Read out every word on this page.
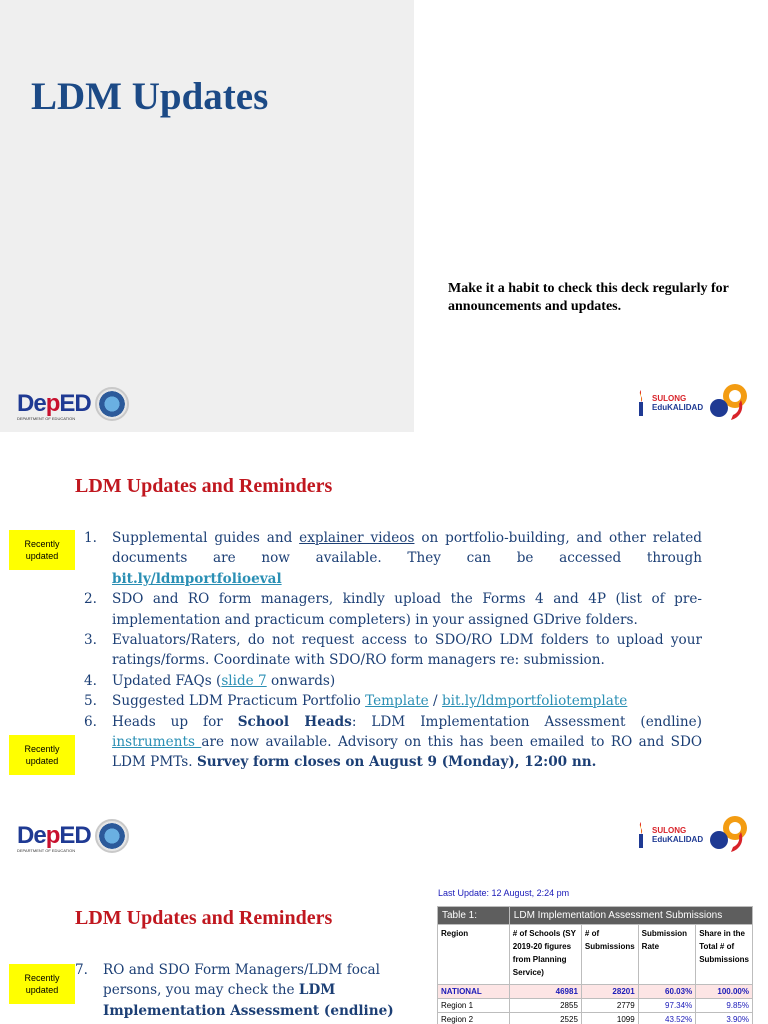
LDM Updates

Make it a habit to check this deck regularly for announcements and updates.

DepED
DEPARTMENT OF EDUCATION
SULONG
EduKALIDAD
LDM Updates and Reminders
Recently updated
Recently updated
1.	Supplemental guides and explainer videos on portfolio-building, and other related documents are now available. They can be accessed through bit.ly/ldmportfolioeval
2.	SDO and RO form managers, kindly upload the Forms 4 and 4P (list of pre-implementation and practicum completers) in your assigned GDrive folders.
3.	Evaluators/Raters, do not request access to SDO/RO LDM folders to upload your ratings/forms. Coordinate with SDO/RO form managers re: submission.
4.	Updated FAQs (slide 7 onwards)
5.	Suggested LDM Practicum Portfolio Template / bit.ly/ldmportfoliotemplate
6.	Heads up for School Heads: LDM Implementation Assessment (endline) instruments are now available. Advisory on this has been emailed to RO and SDO LDM PMTs. Survey form closes on August 9 (Monday), 12:00 nn.
DepED
DEPARTMENT OF EDUCATION
SULONG
EduKALIDAD
LDM Updates and Reminders
Recently updated
7.	RO and SDO Form Managers/LDM focal persons, you may check the LDM Implementation Assessment (endline)
Last Update: 12 August, 2:24 pm
Table 1:	LDM Implementation Assessment Submissions			
Region	# of Schools (SY 2019-20 figures from Planning Service)	# of Submissions	Submission Rate	Share in the Total # of Submissions
NATIONAL	46981	28201	60.03%	100.00%
Region 1	2855	2779	97.34%	9.85%
Region 2	2525	1099	43.52%	3.90%
